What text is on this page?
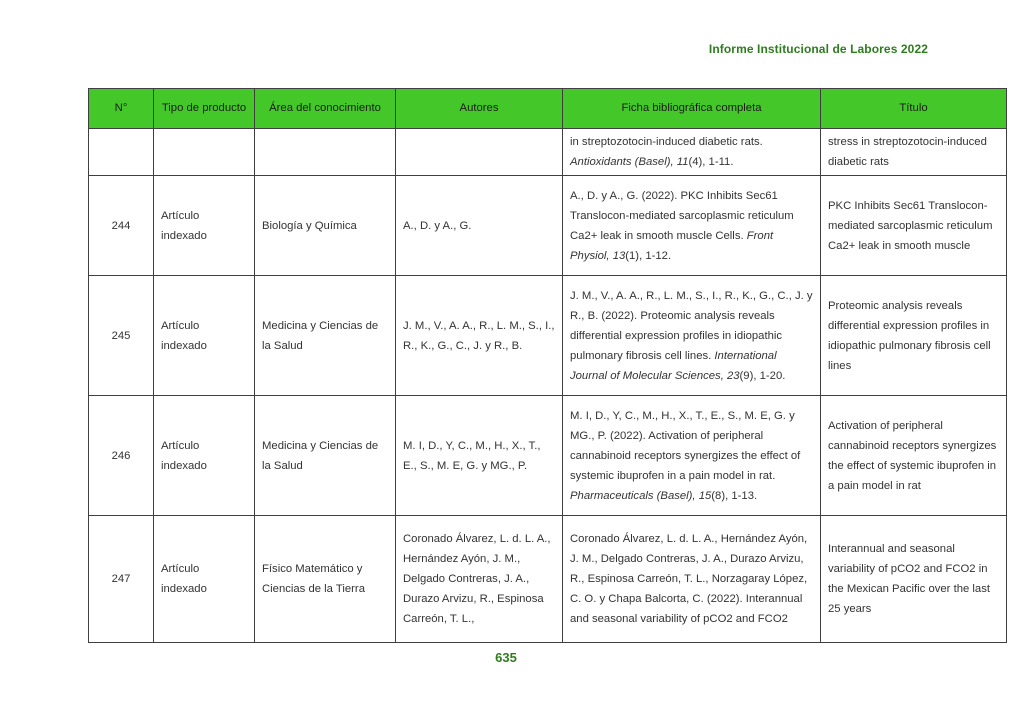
Informe Institucional de Labores 2022
N°	Tipo de producto	Área del conocimiento	Autores	Ficha bibliográfica completa	Título
				in streptozotocin-induced diabetic rats. Antioxidants (Basel), 11(4), 1-11.	stress in streptozotocin-induced diabetic rats
244	Artículo indexado	Biología y Química	A., D. y A., G.	A., D. y A., G. (2022). PKC Inhibits Sec61 Translocon-mediated sarcoplasmic reticulum Ca2+ leak in smooth muscle Cells. Front Physiol, 13(1), 1-12.	PKC Inhibits Sec61 Translocon-mediated sarcoplasmic reticulum Ca2+ leak in smooth muscle
245	Artículo indexado	Medicina y Ciencias de la Salud	J. M., V., A. A., R., L. M., S., I., R., K., G., C., J. y R., B.	J. M., V., A. A., R., L. M., S., I., R., K., G., C., J. y R., B. (2022). Proteomic analysis reveals differential expression profiles in idiopathic pulmonary fibrosis cell lines. International Journal of Molecular Sciences, 23(9), 1-20.	Proteomic analysis reveals differential expression profiles in idiopathic pulmonary fibrosis cell lines
246	Artículo indexado	Medicina y Ciencias de la Salud	M. I, D., Y, C., M., H., X., T., E., S., M. E, G. y MG., P.	M. I, D., Y, C., M., H., X., T., E., S., M. E, G. y MG., P. (2022). Activation of peripheral cannabinoid receptors synergizes the effect of systemic ibuprofen in a pain model in rat. Pharmaceuticals (Basel), 15(8), 1-13.	Activation of peripheral cannabinoid receptors synergizes the effect of systemic ibuprofen in a pain model in rat
247	Artículo indexado	Físico Matemático y Ciencias de la Tierra	Coronado Álvarez, L. d. L. A., Hernández Ayón, J. M., Delgado Contreras, J. A., Durazo Arvizu, R., Espinosa Carreón, T. L.,	Coronado Álvarez, L. d. L. A., Hernández Ayón, J. M., Delgado Contreras, J. A., Durazo Arvizu, R., Espinosa Carreón, T. L., Norzagaray López, C. O. y Chapa Balcorta, C. (2022). Interannual and seasonal variability of pCO2 and FCO2	Interannual and seasonal variability of pCO2 and FCO2 in the Mexican Pacific over the last 25 years
635
